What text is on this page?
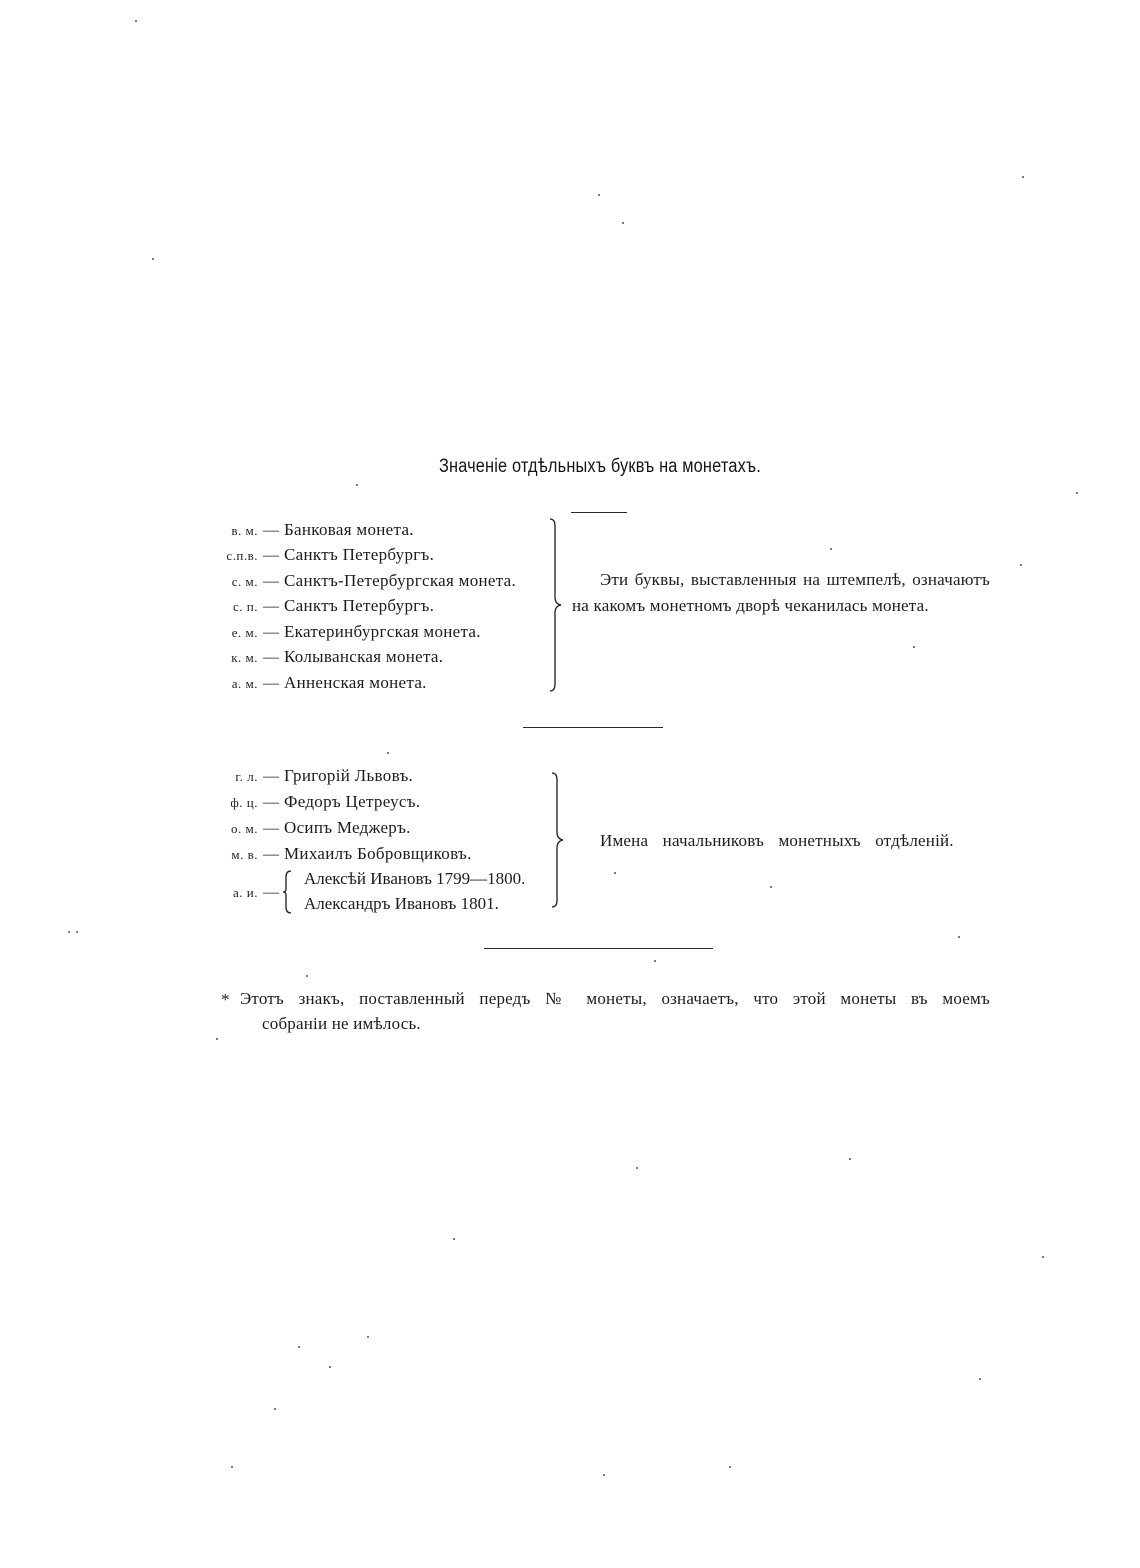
Значеніе отдѣльныхъ буквъ на монетахъ.
в. м. — Банковая монета.
с.п.в. — Санктъ Петербургъ.
с. м. — Санктъ-Петербургская монета.
с. п. — Санктъ Петербургъ.
е. м. — Екатеринбургская монета.
к. м. — Колыванская монета.
а. м. — Анненская монета.
Эти буквы, выставленныя на штемпелѣ, означаютъ на какомъ монетномъ дворѣ чеканилась монета.
г. л. — Григорій Львовъ.
ф. ц. — Федоръ Цетреусъ.
о. м. — Осипъ Меджеръ.
м. в. — Михаилъ Бобровщиковъ.
а. и. —
Алексѣй Ивановъ 1799—1800.
Александръ Ивановъ 1801.
Имена начальниковъ монетныхъ отдѣленій.
* Этотъ знакъ, поставленный передъ № монеты, означаетъ, что этой монеты въ моемъ
собраніи не имѣлось.
